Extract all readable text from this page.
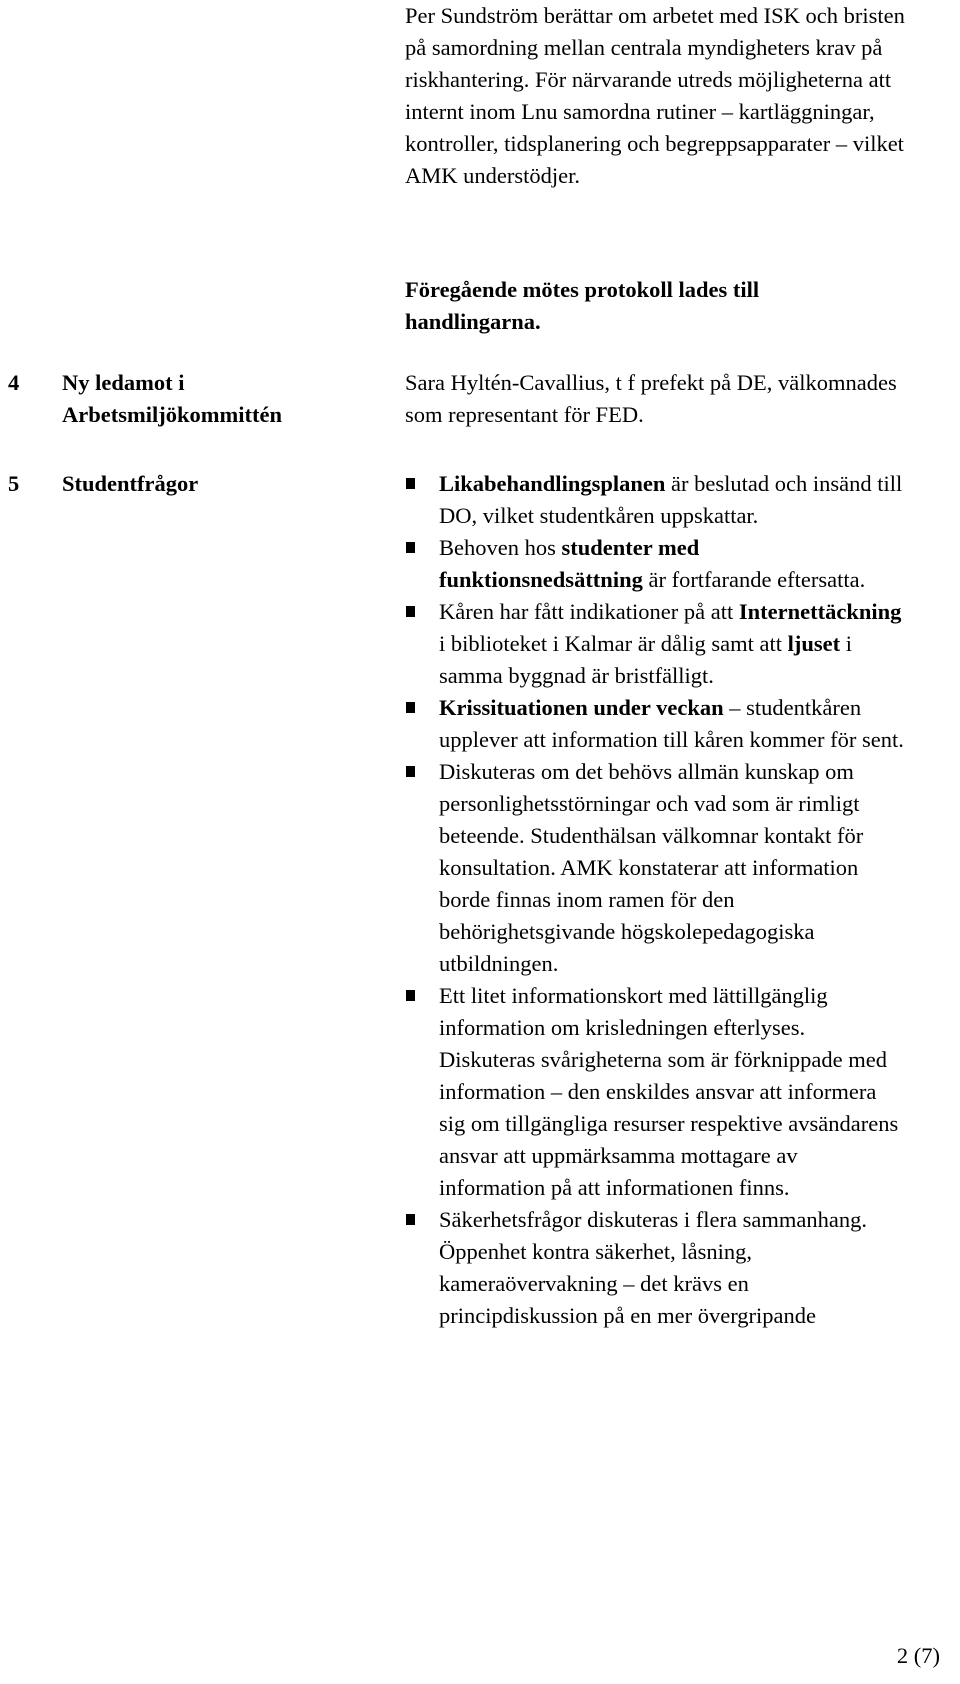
Per Sundström berättar om arbetet med ISK och bristen på samordning mellan centrala myndigheters krav på riskhantering. För närvarande utreds möjligheterna att internt inom Lnu samordna rutiner – kartläggningar, kontroller, tidsplanering och begreppsapparater – vilket AMK understödjer.

Föregående mötes protokoll lades till handlingarna.

4 Ny ledamot i Arbetsmiljökommittén

Sara Hyltén-Cavallius, t f prefekt på DE, välkomnades som representant för FED.

5 Studentfrågor	Likabehandlingsplanen är beslutad och insänd till DO, vilket studentkåren uppskattar.
Behoven hos studenter med funktionsnedsättning är fortfarande eftersatta.
Kåren har fått indikationer på att Internettäckning i biblioteket i Kalmar är dålig samt att ljuset i samma byggnad är bristfälligt.
Krissituationen under veckan – studentkåren upplever att information till kåren kommer för sent.
Diskuteras om det behövs allmän kunskap om personlighetsstörningar och vad som är rimligt beteende. Studenthälsan välkomnar kontakt för konsultation. AMK konstaterar att information borde finnas inom ramen för den behörighetsgivande högskolepedagogiska utbildningen.
Ett litet informationskort med lättillgänglig information om krisledningen efterlyses. Diskuteras svårigheterna som är förknippade med information – den enskildes ansvar att informera sig om tillgängliga resurser respektive avsändarens ansvar att uppmärksamma mottagare av information på att informationen finns.
Säkerhetsfrågor diskuteras i flera sammanhang. Öppenhet kontra säkerhet, låsning, kameraövervakning – det krävs en principdiskussion på en mer övergripande
2 (7)
